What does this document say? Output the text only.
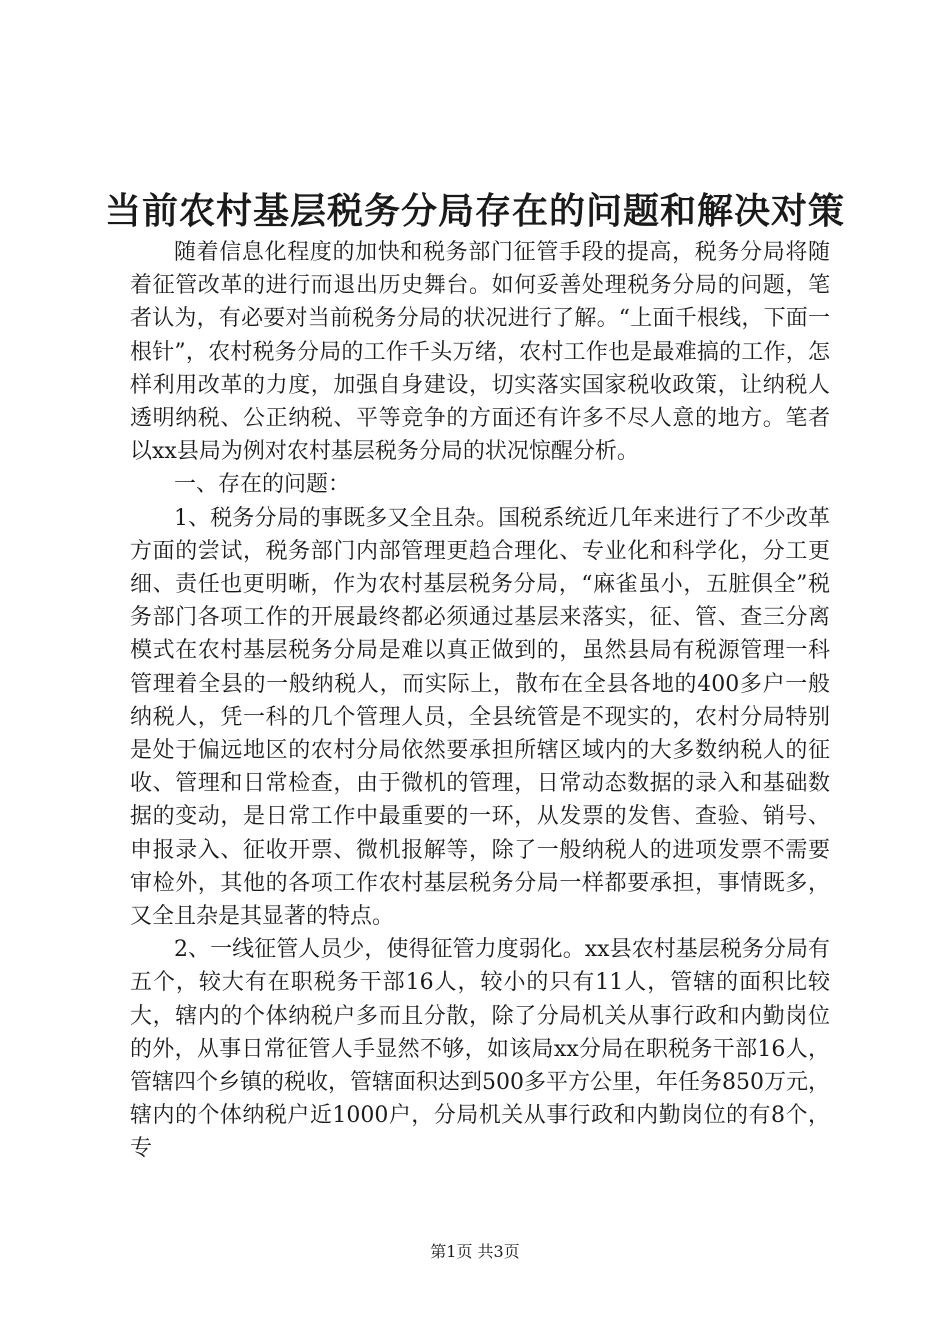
当前农村基层税务分局存在的问题和解决对策

随着信息化程度的加快和税务部门征管手段的提高，税务分局将随着征管改革的进行而退出历史舞台。如何妥善处理税务分局的问题，笔者认为，有必要对当前税务分局的状况进行了解。“上面千根线，下面一根针”，农村税务分局的工作千头万绪，农村工作也是最难搞的工作，怎样利用改革的力度，加强自身建设，切实落实国家税收政策，让纳税人透明纳税、公正纳税、平等竞争的方面还有许多不尽人意的地方。笔者以xx县局为例对农村基层税务分局的状况惊醒分析。

一、存在的问题：

1、税务分局的事既多又全且杂。国税系统近几年来进行了不少改革方面的尝试，税务部门内部管理更趋合理化、专业化和科学化，分工更细、责任也更明晰，作为农村基层税务分局，“麻雀虽小，五脏俱全”税务部门各项工作的开展最终都必须通过基层来落实，征、管、查三分离模式在农村基层税务分局是难以真正做到的，虽然县局有税源管理一科管理着全县的一般纳税人，而实际上，散布在全县各地的400多户一般纳税人，凭一科的几个管理人员，全县统管是不现实的，农村分局特别是处于偏远地区的农村分局依然要承担所辖区域内的大多数纳税人的征收、管理和日常检查，由于微机的管理，日常动态数据的录入和基础数据的变动，是日常工作中最重要的一环，从发票的发售、查验、销号、申报录入、征收开票、微机报解等，除了一般纳税人的进项发票不需要审检外，其他的各项工作农村基层税务分局一样都要承担，事情既多，又全且杂是其显著的特点。

2、一线征管人员少，使得征管力度弱化。xx县农村基层税务分局有五个，较大有在职税务干部16人，较小的只有11人，管辖的面积比较大，辖内的个体纳税户多而且分散，除了分局机关从事行政和内勤岗位的外，从事日常征管人手显然不够，如该局xx分局在职税务干部16人，管辖四个乡镇的税收，管辖面积达到500多平方公里，年任务850万元，辖内的个体纳税户近1000户，分局机关从事行政和内勤岗位的有8个，专

第1页 共3页
